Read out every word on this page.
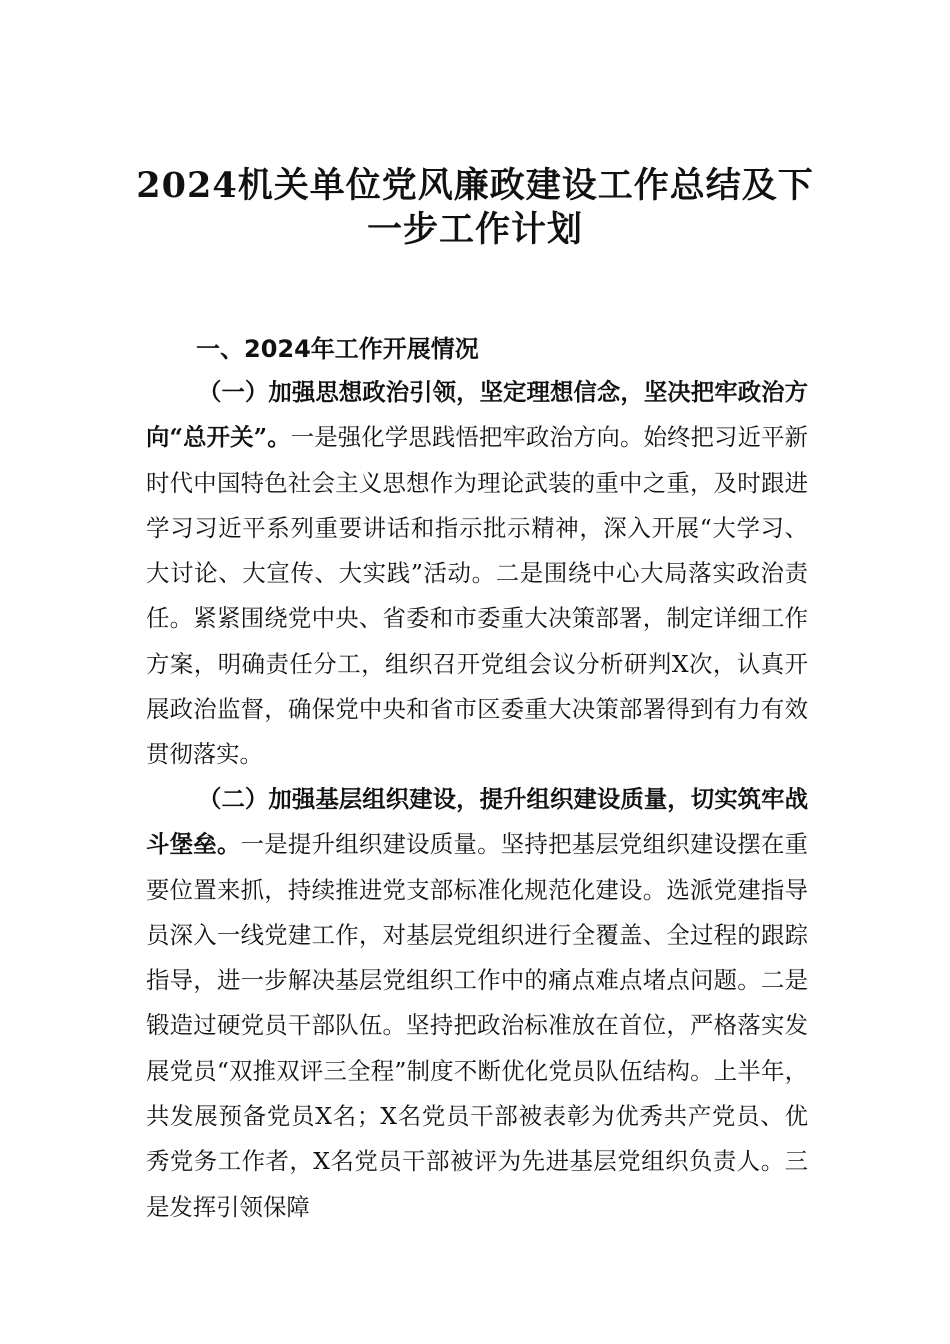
2024机关单位党风廉政建设工作总结及下
一步工作计划
一、2024年工作开展情况

（一）加强思想政治引领，坚定理想信念，坚决把牢政治方向“总开关”。一是强化学思践悟把牢政治方向。始终把习近平新时代中国特色社会主义思想作为理论武装的重中之重，及时跟进学习习近平系列重要讲话和指示批示精神，深入开展“大学习、大讨论、大宣传、大实践”活动。二是围绕中心大局落实政治责任。紧紧围绕党中央、省委和市委重大决策部署，制定详细工作方案，明确责任分工，组织召开党组会议分析研判X次，认真开展政治监督，确保党中央和省市区委重大决策部署得到有力有效贯彻落实。

（二）加强基层组织建设，提升组织建设质量，切实筑牢战斗堡垒。一是提升组织建设质量。坚持把基层党组织建设摆在重要位置来抓，持续推进党支部标准化规范化建设。选派党建指导员深入一线党建工作，对基层党组织进行全覆盖、全过程的跟踪指导，进一步解决基层党组织工作中的痛点难点堵点问题。二是锻造过硬党员干部队伍。坚持把政治标准放在首位，严格落实发展党员“双推双评三全程”制度不断优化党员队伍结构。上半年，共发展预备党员X名；X名党员干部被表彰为优秀共产党员、优秀党务工作者，X名党员干部被评为先进基层党组织负责人。三是发挥引领保障
